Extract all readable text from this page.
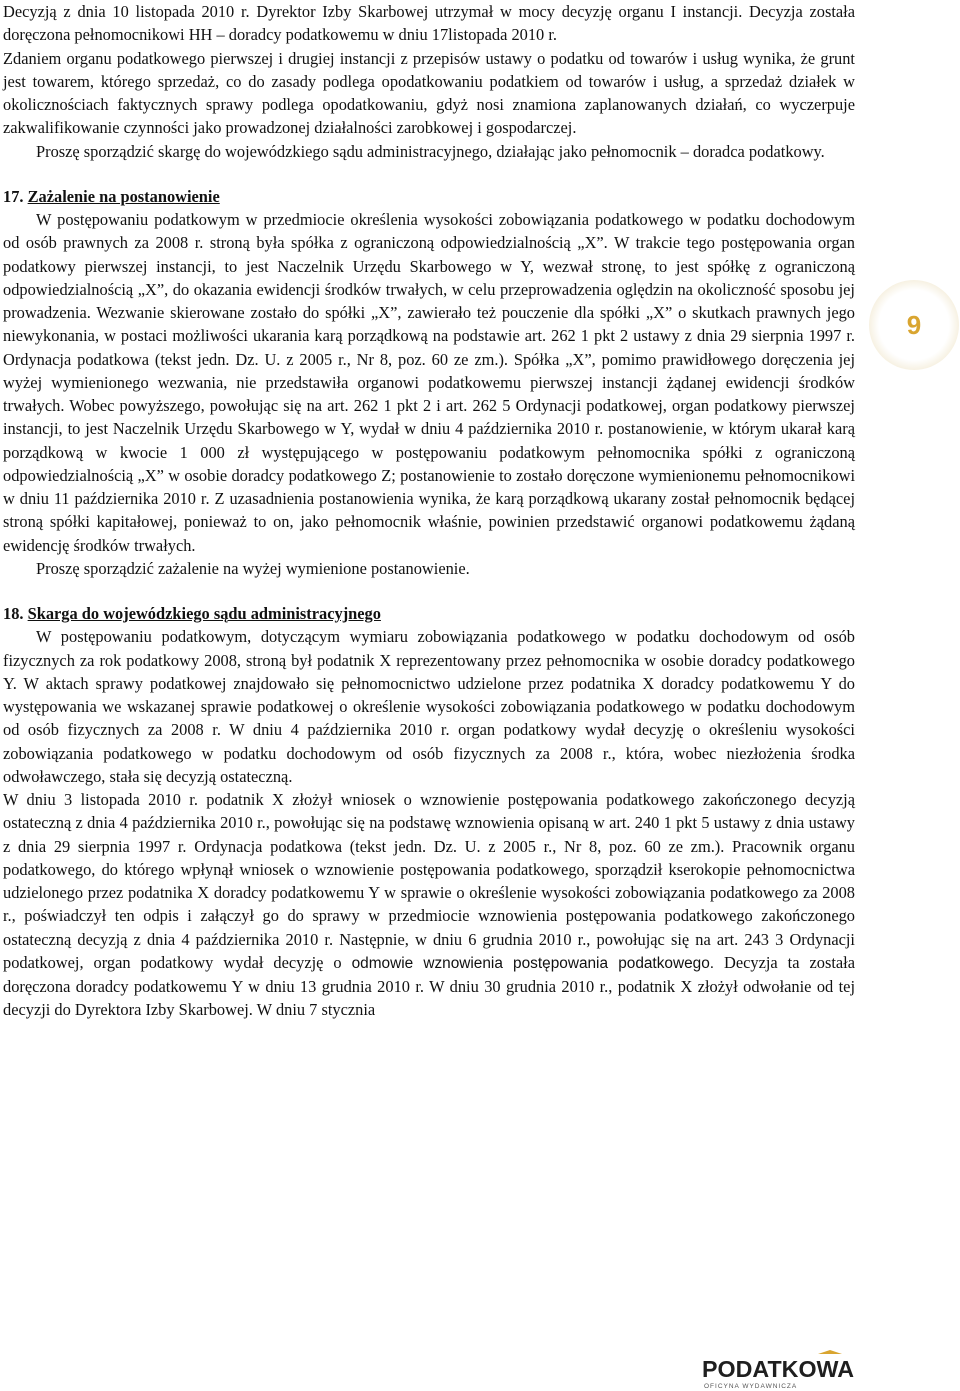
Decyzją z dnia 10 listopada 2010 r. Dyrektor Izby Skarbowej utrzymał w mocy decyzję organu I instancji. Decyzja została doręczona pełnomocnikowi HH – doradcy podatkowemu w dniu 17listopada 2010 r.

Zdaniem organu podatkowego pierwszej i drugiej instancji z przepisów ustawy o podatku od towarów i usług wynika, że grunt jest towarem, którego sprzedaż, co do zasady podlega opodatkowaniu podatkiem od towarów i usług, a sprzedaż działek w okolicznościach faktycznych sprawy podlega opodatkowaniu, gdyż nosi znamiona zaplanowanych działań, co wyczerpuje zakwalifikowanie czynności jako prowadzonej działalności zarobkowej i gospodarczej.

Proszę sporządzić skargę do wojewódzkiego sądu administracyjnego, działając jako pełnomocnik – doradca podatkowy.

17. Zażalenie na postanowienie

W postępowaniu podatkowym w przedmiocie określenia wysokości zobowiązania podatkowego w podatku dochodowym od osób prawnych za 2008 r. stroną była spółka z ograniczoną odpowiedzialnością „X”. W trakcie tego postępowania organ podatkowy pierwszej instancji, to jest Naczelnik Urzędu Skarbowego w Y, wezwał stronę, to jest spółkę z ograniczoną odpowiedzialnością „X”, do okazania ewidencji środków trwałych, w celu przeprowadzenia oględzin na okoliczność sposobu jej prowadzenia. Wezwanie skierowane zostało do spółki „X”, zawierało też pouczenie dla spółki „X” o skutkach prawnych jego niewykonania, w postaci możliwości ukarania karą porządkową na podstawie art. 262 1 pkt 2 ustawy z dnia 29 sierpnia 1997 r. Ordynacja podatkowa (tekst jedn. Dz. U. z 2005 r., Nr 8, poz. 60 ze zm.). Spółka „X”, pomimo prawidłowego doręczenia jej wyżej wymienionego wezwania, nie przedstawiła organowi podatkowemu pierwszej instancji żądanej ewidencji środków trwałych. Wobec powyższego, powołując się na art. 262 1 pkt 2 i art. 262 5 Ordynacji podatkowej, organ podatkowy pierwszej instancji, to jest Naczelnik Urzędu Skarbowego w Y, wydał w dniu 4 października 2010 r. postanowienie, w którym ukarał karą porządkową w kwocie 1 000 zł występującego w postępowaniu podatkowym pełnomocnika spółki z ograniczoną odpowiedzialnością „X” w osobie doradcy podatkowego Z; postanowienie to zostało doręczone wymienionemu pełnomocnikowi w dniu 11 października 2010 r. Z uzasadnienia postanowienia wynika, że karą porządkową ukarany został pełnomocnik będącej stroną spółki kapitałowej, ponieważ to on, jako pełnomocnik właśnie, powinien przedstawić organowi podatkowemu żądaną ewidencję środków trwałych.

Proszę sporządzić zażalenie na wyżej wymienione postanowienie.

18. Skarga do wojewódzkiego sądu administracyjnego

W postępowaniu podatkowym, dotyczącym wymiaru zobowiązania podatkowego w podatku dochodowym od osób fizycznych za rok podatkowy 2008, stroną był podatnik X reprezentowany przez pełnomocnika w osobie doradcy podatkowego Y. W aktach sprawy podatkowej znajdowało się pełnomocnictwo udzielone przez podatnika X doradcy podatkowemu Y do występowania we wskazanej sprawie podatkowej o określenie wysokości zobowiązania podatkowego w podatku dochodowym od osób fizycznych za 2008 r. W dniu 4 października 2010 r. organ podatkowy wydał decyzję o określeniu wysokości zobowiązania podatkowego w podatku dochodowym od osób fizycznych za 2008 r., która, wobec niezłożenia środka odwoławczego, stała się decyzją ostateczną.

W dniu 3 listopada 2010 r. podatnik X złożył wniosek o wznowienie postępowania podatkowego zakończonego decyzją ostateczną z dnia 4 października 2010 r., powołując się na podstawę wznowienia opisaną w art. 240 1 pkt 5 ustawy z dnia ustawy z dnia 29 sierpnia 1997 r. Ordynacja podatkowa (tekst jedn. Dz. U. z 2005 r., Nr 8, poz. 60 ze zm.). Pracownik organu podatkowego, do którego wpłynął wniosek o wznowienie postępowania podatkowego, sporządził kserokopie pełnomocnictwa udzielonego przez podatnika X doradcy podatkowemu Y w sprawie o określenie wysokości zobowiązania podatkowego za 2008 r., poświadczył ten odpis i załączył go do sprawy w przedmiocie wznowienia postępowania podatkowego zakończonego ostateczną decyzją z dnia 4 października 2010 r. Następnie, w dniu 6 grudnia 2010 r., powołując się na art. 243 3 Ordynacji podatkowej, organ podatkowy wydał decyzję o odmowie wznowienia postępowania podatkowego. Decyzja ta została doręczona doradcy podatkowemu Y w dniu 13 grudnia 2010 r. W dniu 30 grudnia 2010 r., podatnik X złożył odwołanie od tej decyzji do Dyrektora Izby Skarbowej. W dniu 7 stycznia

9
PODATKOWA
OFICYNA WYDAWNICZA
